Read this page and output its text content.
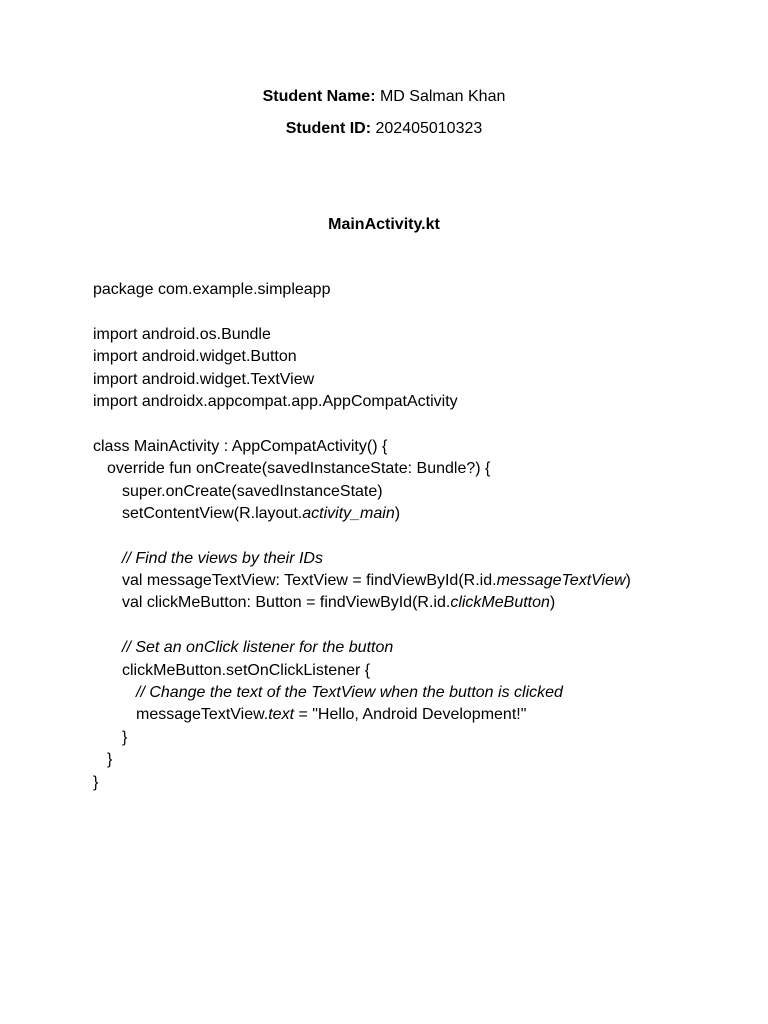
Student Name: MD Salman Khan
Student ID: 202405010323
MainActivity.kt
package com.example.simpleapp
import android.os.Bundle
import android.widget.Button
import android.widget.TextView
import androidx.appcompat.app.AppCompatActivity
class MainActivity : AppCompatActivity() {
override fun onCreate(savedInstanceState: Bundle?) {
super.onCreate(savedInstanceState)
setContentView(R.layout.activity_main)
// Find the views by their IDs
val messageTextView: TextView = findViewById(R.id.messageTextView)
val clickMeButton: Button = findViewById(R.id.clickMeButton)
// Set an onClick listener for the button
clickMeButton.setOnClickListener {
// Change the text of the TextView when the button is clicked
messageTextView.text = "Hello, Android Development!"
}
}
}
